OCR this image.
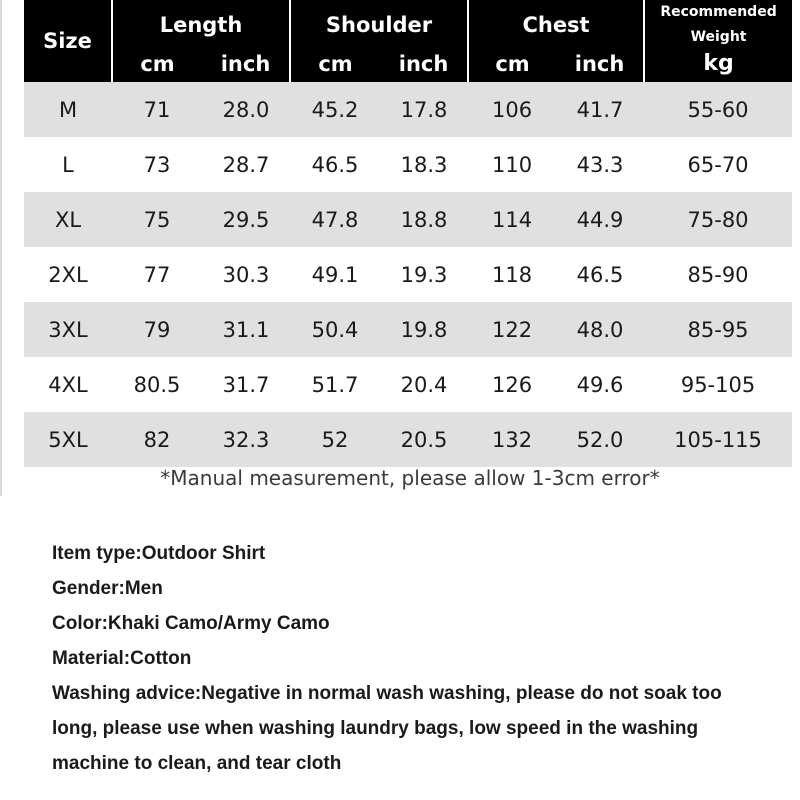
Size	Length		Shoulder		Chest		Recommended
Weight

	cm	inch	cm	inch	cm	inch	kg
M	71	28.0	45.2	17.8	106	41.7	55-60
L	73	28.7	46.5	18.3	110	43.3	65-70
XL	75	29.5	47.8	18.8	114	44.9	75-80
2XL	77	30.3	49.1	19.3	118	46.5	85-90
3XL	79	31.1	50.4	19.8	122	48.0	85-95
4XL	80.5	31.7	51.7	20.4	126	49.6	95-105
5XL	82	32.3	52	20.5	132	52.0	105-115
*Manual measurement, please allow 1-3cm error*

Item type:Outdoor Shirt

Gender:Men

Color:Khaki Camo/Army Camo

Material:Cotton

Washing advice:Negative in normal wash washing, please do not soak too

long, please use when washing laundry bags, low speed in the washing

machine to clean, and tear cloth
